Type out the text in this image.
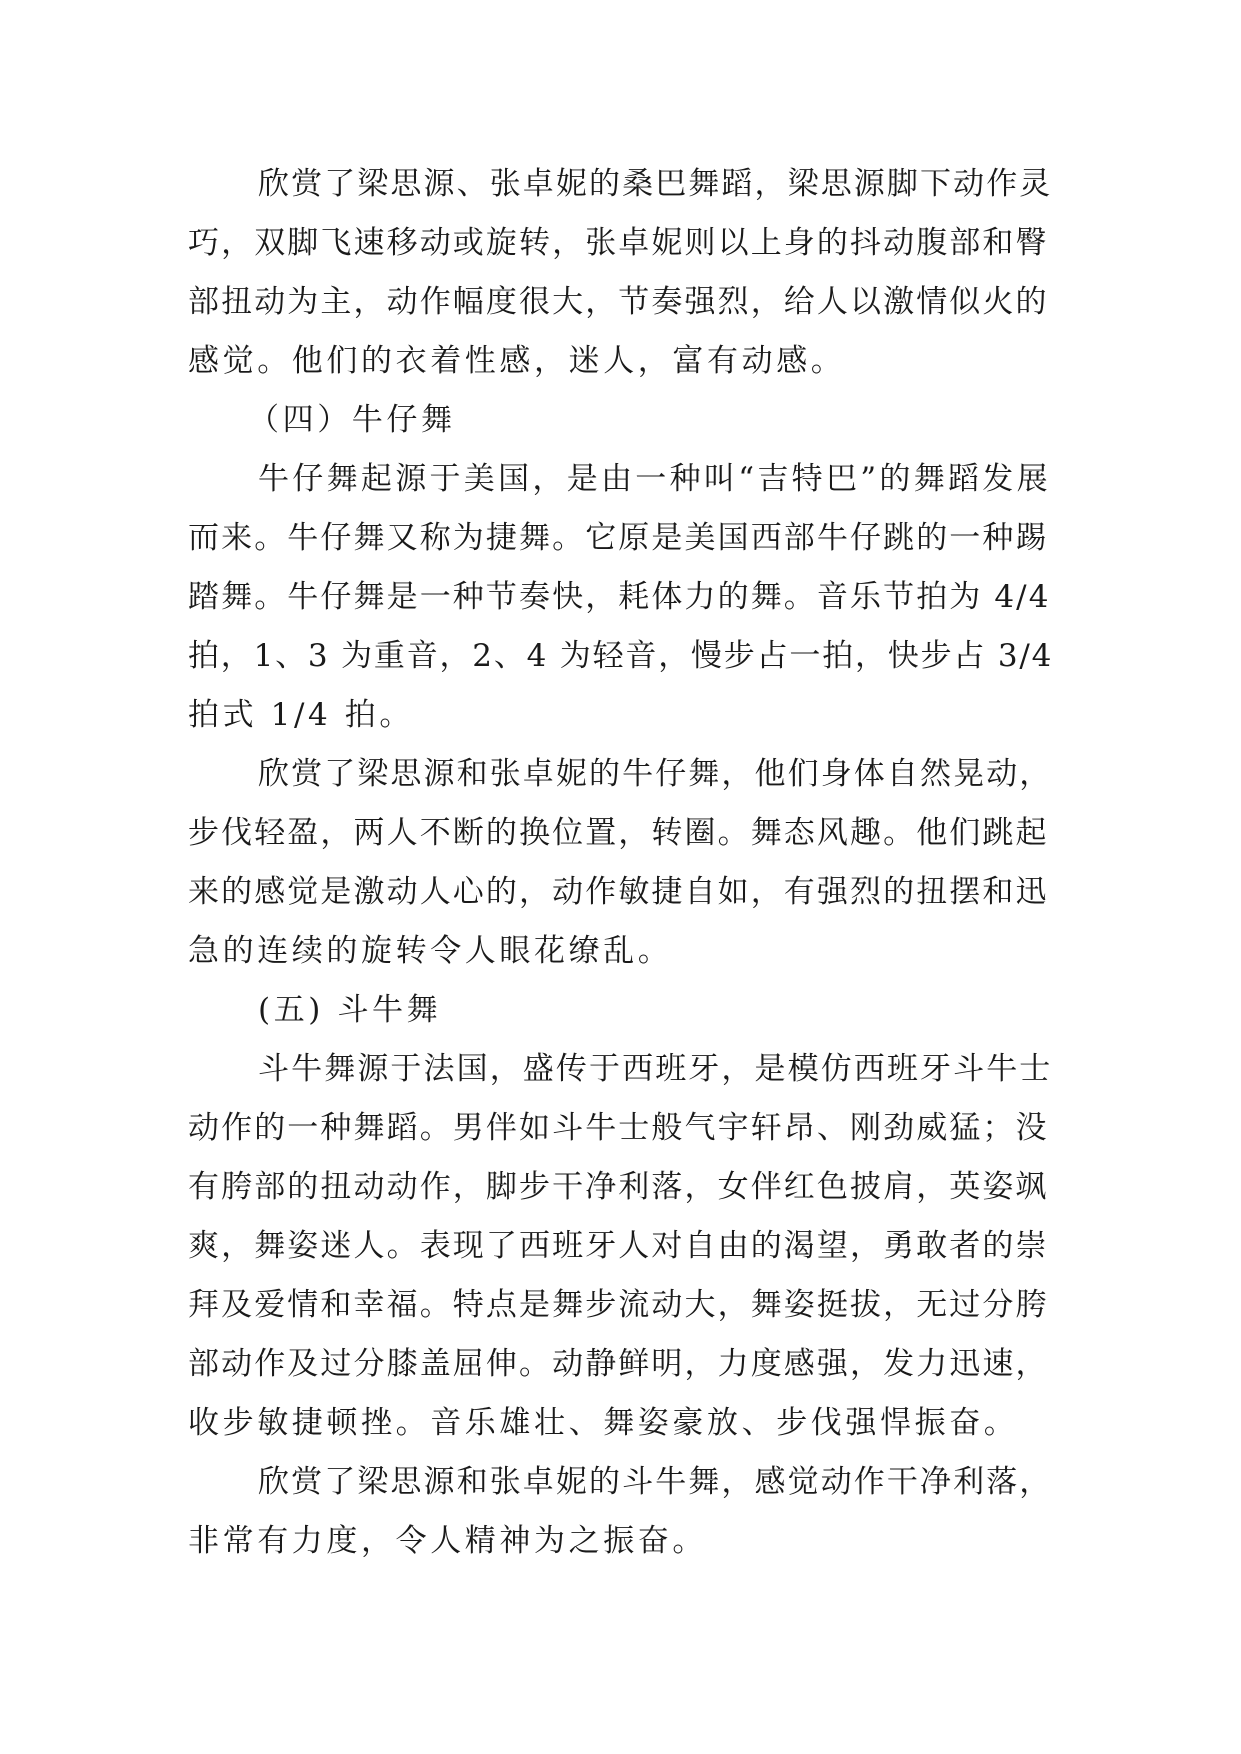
欣赏了梁思源、张卓妮的桑巴舞蹈，梁思源脚下动作灵
巧，双脚飞速移动或旋转，张卓妮则以上身的抖动腹部和臀
部扭动为主，动作幅度很大，节奏强烈，给人以激情似火的
感觉。他们的衣着性感，迷人，富有动感。
（四）牛仔舞
牛仔舞起源于美国，是由一种叫“吉特巴”的舞蹈发展
而来。牛仔舞又称为捷舞。它原是美国西部牛仔跳的一种踢
踏舞。牛仔舞是一种节奏快，耗体力的舞。音乐节拍为 4/4
拍，1、3 为重音，2、4 为轻音，慢步占一拍，快步占 3/4
拍式 1/4 拍。
欣赏了梁思源和张卓妮的牛仔舞，他们身体自然晃动，
步伐轻盈，两人不断的换位置，转圈。舞态风趣。他们跳起
来的感觉是激动人心的，动作敏捷自如，有强烈的扭摆和迅
急的连续的旋转令人眼花缭乱。
(五) 斗牛舞
斗牛舞源于法国，盛传于西班牙，是模仿西班牙斗牛士
动作的一种舞蹈。男伴如斗牛士般气宇轩昂、刚劲威猛；没
有胯部的扭动动作，脚步干净利落，女伴红色披肩，英姿飒
爽，舞姿迷人。表现了西班牙人对自由的渴望，勇敢者的崇
拜及爱情和幸福。特点是舞步流动大，舞姿挺拔，无过分胯
部动作及过分膝盖屈伸。动静鲜明，力度感强，发力迅速，
收步敏捷顿挫。音乐雄壮、舞姿豪放、步伐强悍振奋。
欣赏了梁思源和张卓妮的斗牛舞，感觉动作干净利落，
非常有力度，令人精神为之振奋。
